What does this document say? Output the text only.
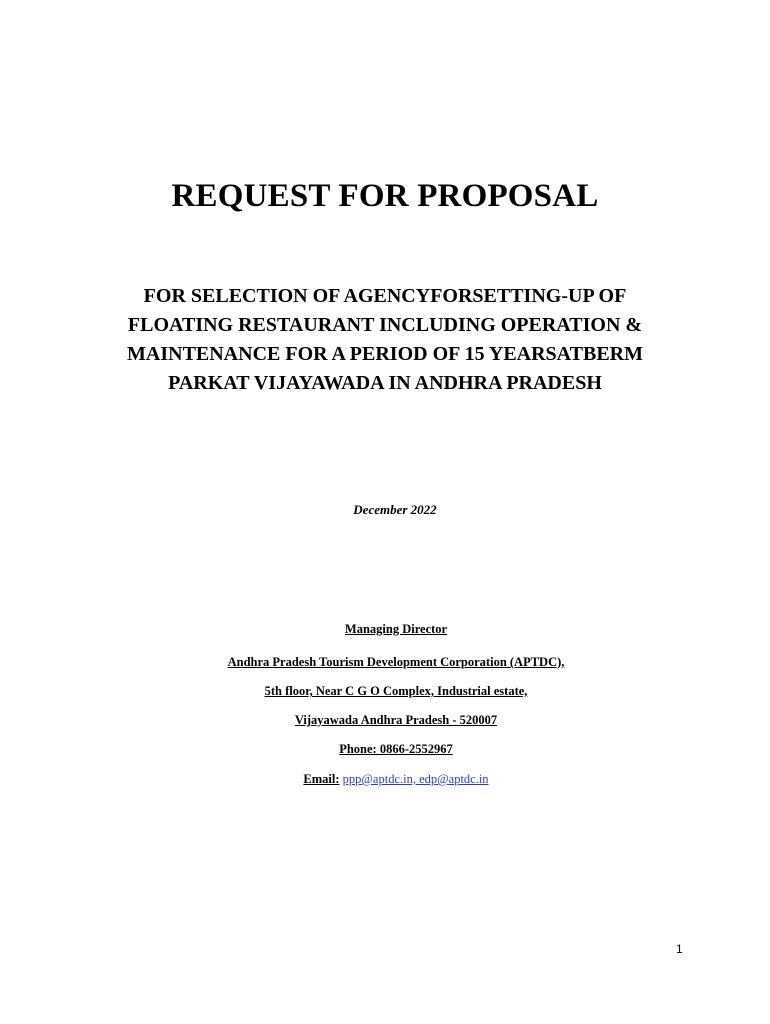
REQUEST FOR PROPOSAL
FOR SELECTION OF AGENCYFORSETTING-UP OF
FLOATING RESTAURANT INCLUDING OPERATION &
MAINTENANCE FOR A PERIOD OF 15 YEARSATBERM
PARKAT VIJAYAWADA IN ANDHRA PRADESH

December 2022

Managing Director

Andhra Pradesh Tourism Development Corporation (APTDC),

5th floor, Near C G O Complex, Industrial estate,

Vijayawada Andhra Pradesh - 520007

Phone: 0866-2552967

Email: ppp@aptdc.in, edp@aptdc.in

1
